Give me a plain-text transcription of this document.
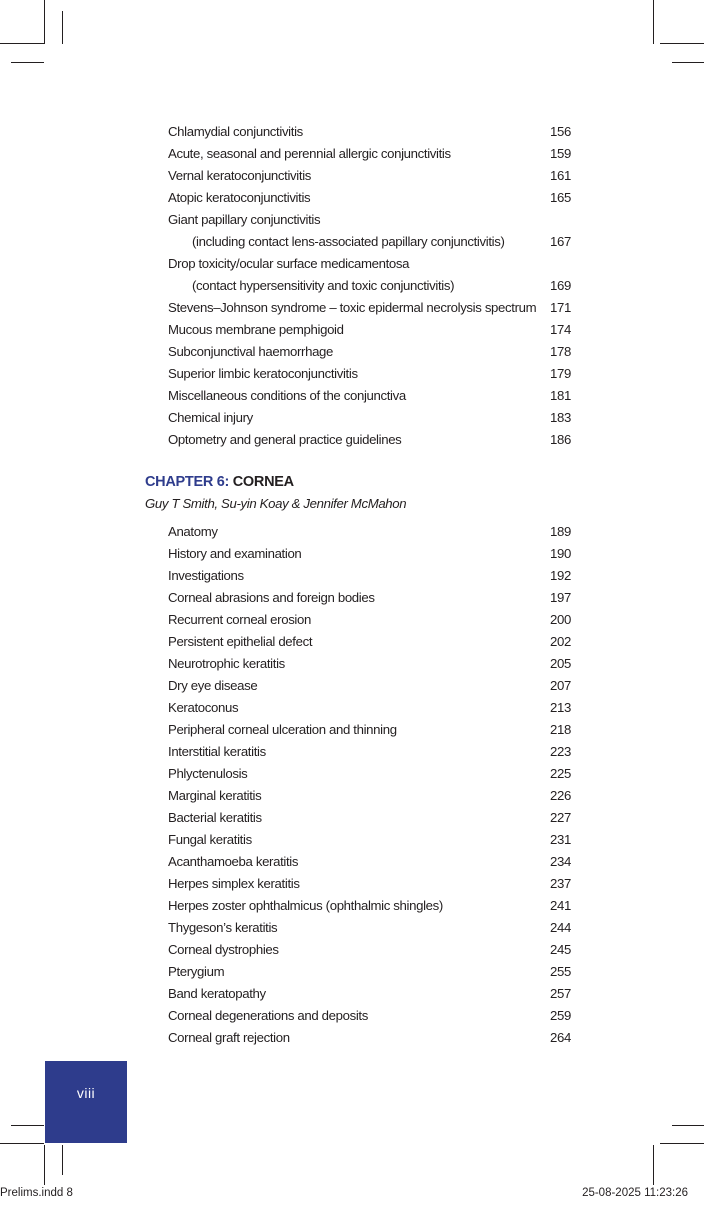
Chlamydial conjunctivitis	156
Acute, seasonal and perennial allergic conjunctivitis	159
Vernal keratoconjunctivitis	161
Atopic keratoconjunctivitis	165
Giant papillary conjunctivitis
(including contact lens-associated papillary conjunctivitis)	167
Drop toxicity/ocular surface medicamentosa
(contact hypersensitivity and toxic conjunctivitis)	169
Stevens–Johnson syndrome – toxic epidermal necrolysis spectrum 171
Mucous membrane pemphigoid	174
Subconjunctival haemorrhage	178
Superior limbic keratoconjunctivitis	179
Miscellaneous conditions of the conjunctiva	181
Chemical injury	183
Optometry and general practice guidelines	186
CHAPTER 6: CORNEA
Guy T Smith, Su-yin Koay & Jennifer McMahon
Anatomy	189
History and examination	190
Investigations	192
Corneal abrasions and foreign bodies	197
Recurrent corneal erosion	200
Persistent epithelial defect	202
Neurotrophic keratitis	205
Dry eye disease	207
Keratoconus	213
Peripheral corneal ulceration and thinning	218
Interstitial keratitis	223
Phlyctenulosis	225
Marginal keratitis	226
Bacterial keratitis	227
Fungal keratitis	231
Acanthamoeba keratitis	234
Herpes simplex keratitis	237
Herpes zoster ophthalmicus (ophthalmic shingles)	241
Thygeson’s keratitis	244
Corneal dystrophies	245
Pterygium	255
Band keratopathy	257
Corneal degenerations and deposits	259
Corneal graft rejection	264
viii
Prelims.indd 8	25-08-2025 11:23:26
